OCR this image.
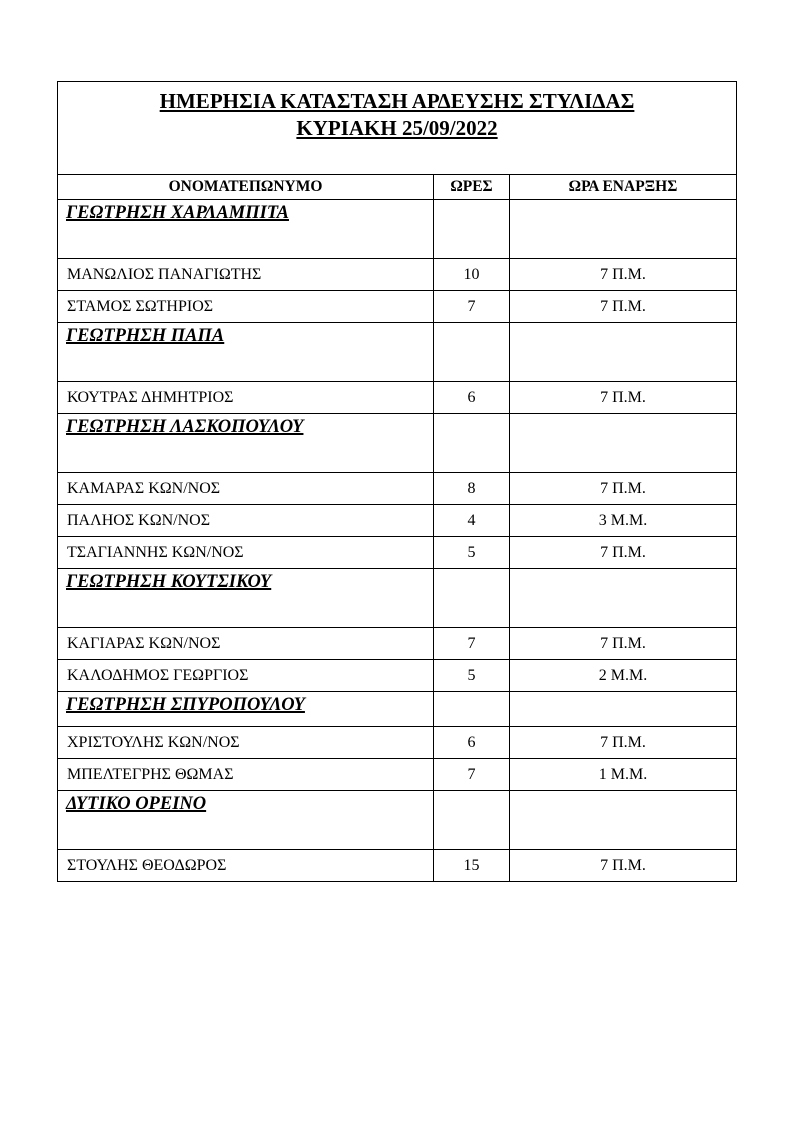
ΗΜΕΡΗΣΙΑ ΚΑΤΑΣΤΑΣΗ ΑΡΔΕΥΣΗΣ ΣΤΥΛΙΔΑΣ
ΚΥΡΙΑΚΗ 25/09/2022		

ΟΝΟΜΑΤΕΠΩΝΥΜΟ	ΩΡΕΣ	ΩΡΑ ΕΝΑΡΞΗΣ
ΓΕΩΤΡΗΣΗ ΧΑΡΛΑΜΠΙΤΑ		
ΜΑΝΩΛΙΟΣ ΠΑΝΑΓΙΩΤΗΣ	10	7 Π.Μ.
ΣΤΑΜΟΣ ΣΩΤΗΡΙΟΣ	7	7 Π.Μ.
ΓΕΩΤΡΗΣΗ ΠΑΠΑ		
ΚΟΥΤΡΑΣ ΔΗΜΗΤΡΙΟΣ	6	7 Π.Μ.
ΓΕΩΤΡΗΣΗ ΛΑΣΚΟΠΟΥΛΟΥ		
ΚΑΜΑΡΑΣ ΚΩΝ/ΝΟΣ	8	7 Π.Μ.
ΠΑΛΗΟΣ ΚΩΝ/ΝΟΣ	4	3 Μ.Μ.
ΤΣΑΓΙΑΝΝΗΣ ΚΩΝ/ΝΟΣ	5	7 Π.Μ.
ΓΕΩΤΡΗΣΗ ΚΟΥΤΣΙΚΟΥ		
ΚΑΓΙΑΡΑΣ ΚΩΝ/ΝΟΣ	7	7 Π.Μ.
ΚΑΛΟΔΗΜΟΣ ΓΕΩΡΓΙΟΣ	5	2 Μ.Μ.
ΓΕΩΤΡΗΣΗ ΣΠΥΡΟΠΟΥΛΟΥ		
ΧΡΙΣΤΟΥΛΗΣ ΚΩΝ/ΝΟΣ	6	7 Π.Μ.
ΜΠΕΛΤΕΓΡΗΣ ΘΩΜΑΣ	7	1 Μ.Μ.
ΔΥΤΙΚΟ ΟΡΕΙΝΟ		
ΣΤΟΥΛΗΣ ΘΕΟΔΩΡΟΣ	15	7 Π.Μ.
